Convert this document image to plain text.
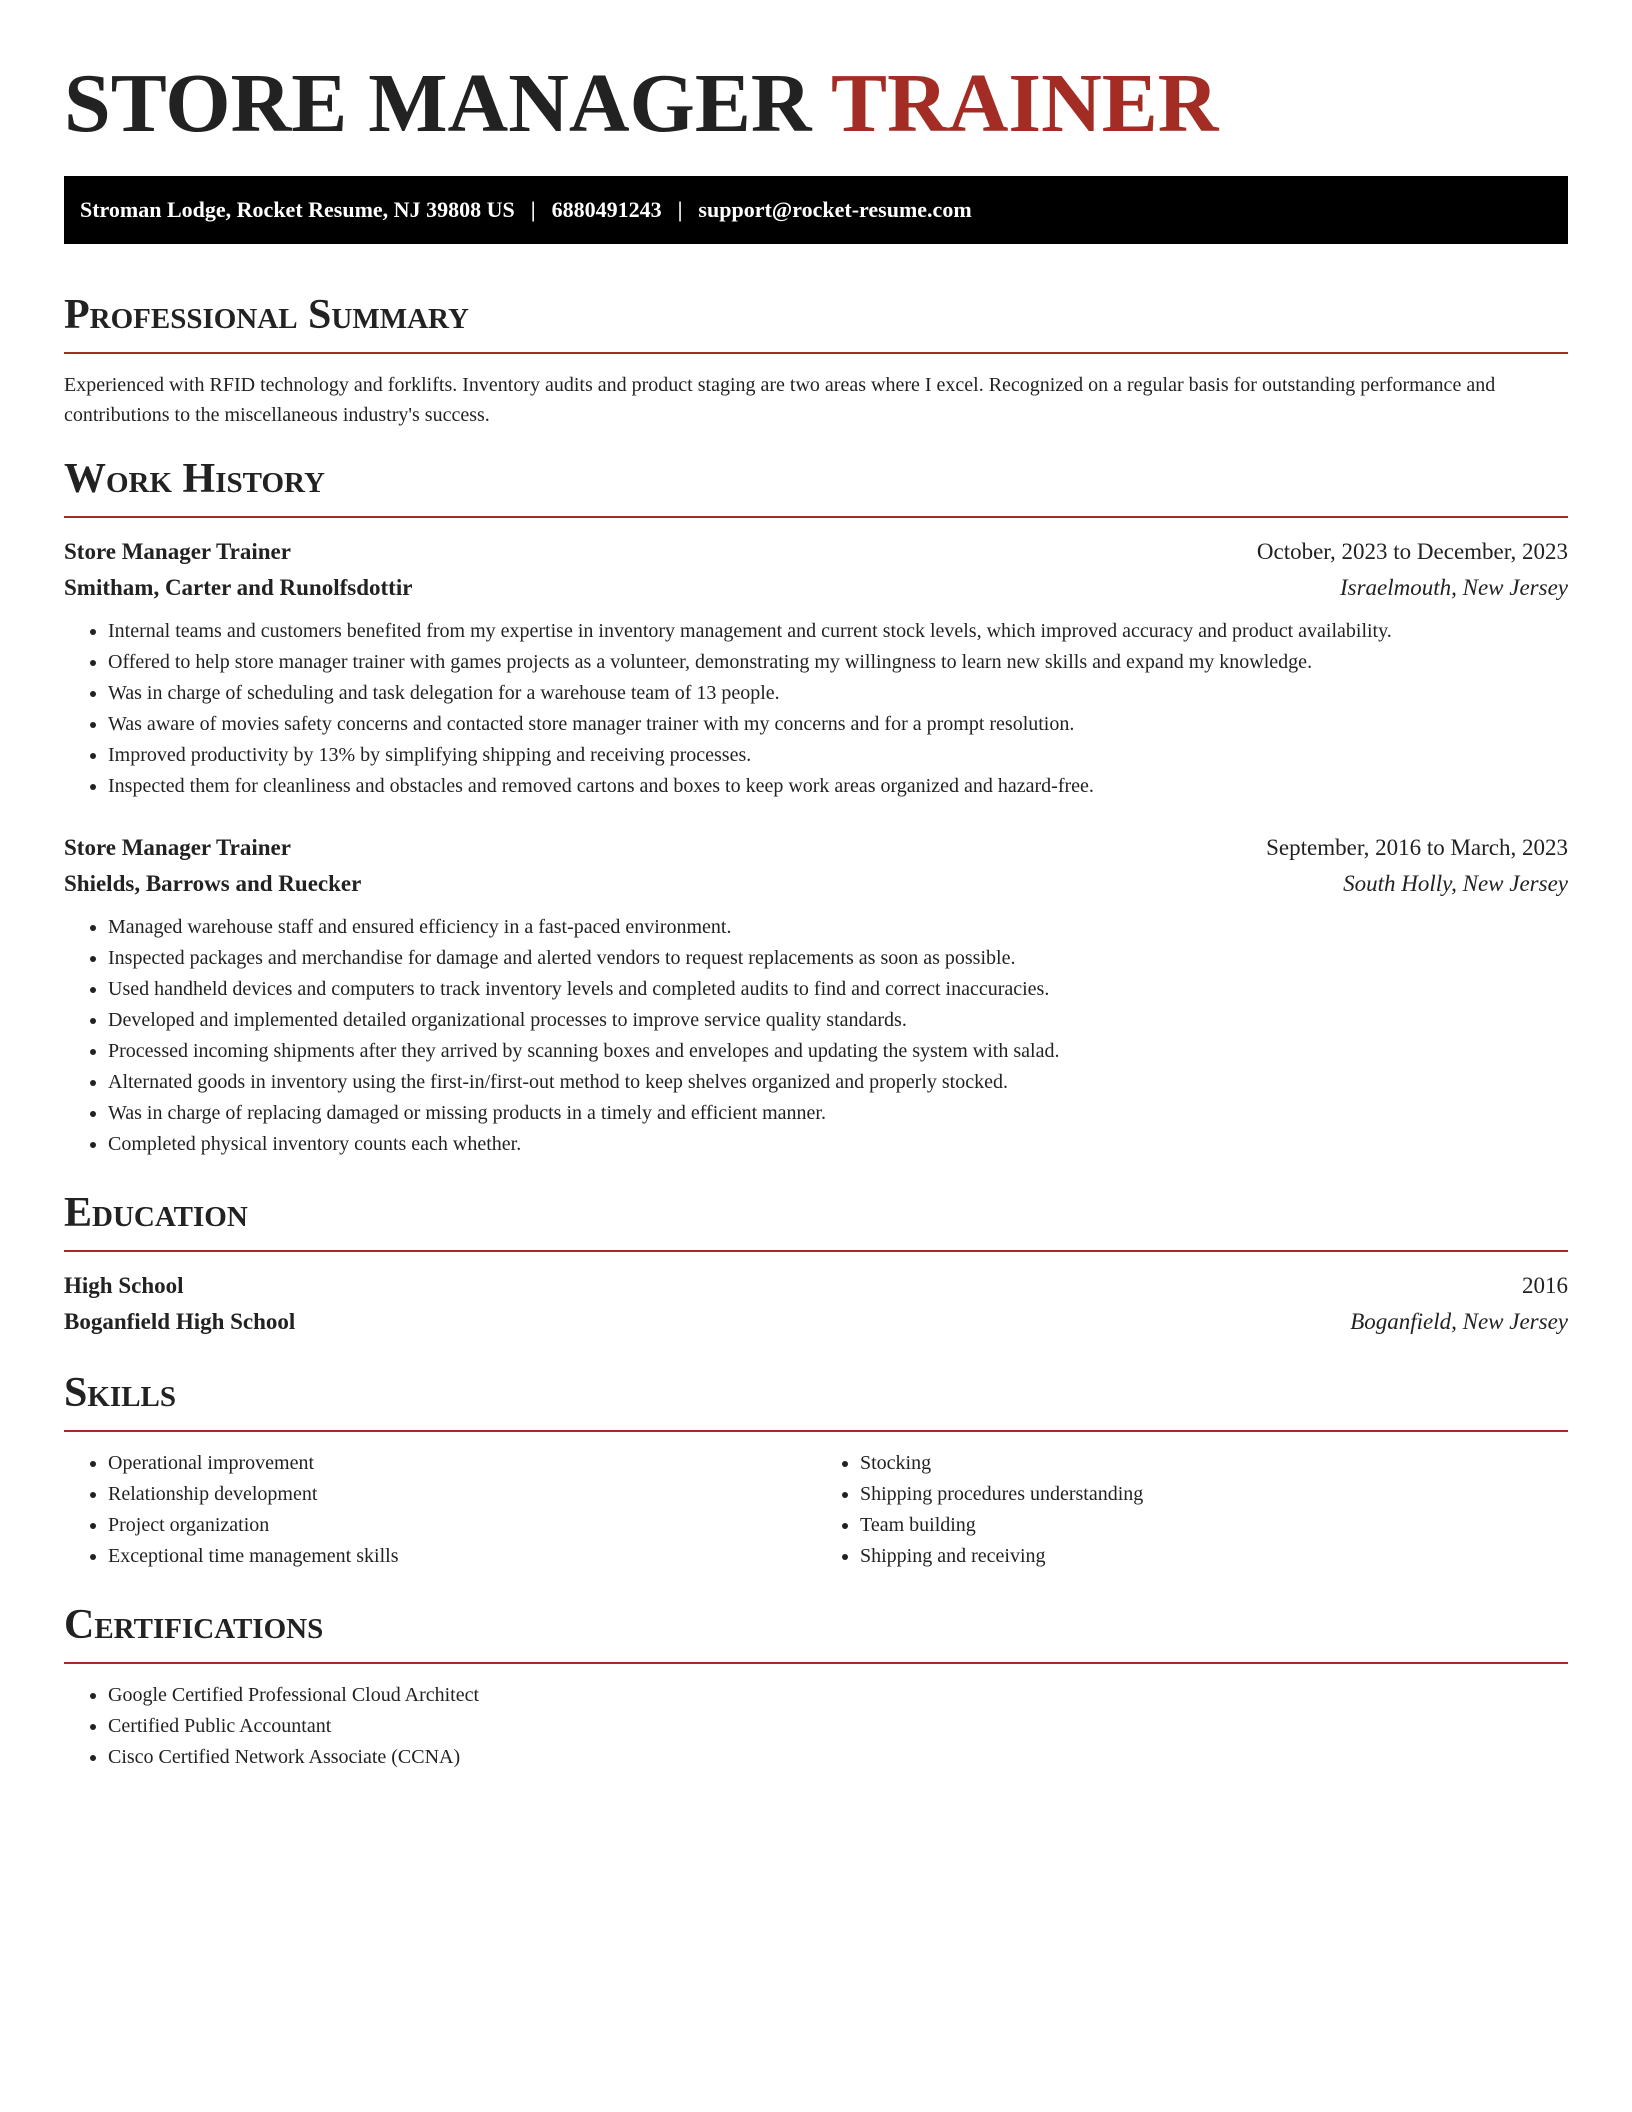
STORE MANAGER TRAINER
Stroman Lodge, Rocket Resume, NJ 39808 US | 6880491243 | support@rocket-resume.com
Professional Summary

Experienced with RFID technology and forklifts. Inventory audits and product staging are two areas where I excel. Recognized on a regular basis for outstanding performance and contributions to the miscellaneous industry's success.

Work History
Store Manager Trainer	October, 2023 to December, 2023
Smitham, Carter and Runolfsdottir	Israelmouth, New Jersey
• Internal teams and customers benefited from my expertise in inventory management and current stock levels, which improved accuracy and product availability.
• Offered to help store manager trainer with games projects as a volunteer, demonstrating my willingness to learn new skills and expand my knowledge.
• Was in charge of scheduling and task delegation for a warehouse team of 13 people.
• Was aware of movies safety concerns and contacted store manager trainer with my concerns and for a prompt resolution.
• Improved productivity by 13% by simplifying shipping and receiving processes.
• Inspected them for cleanliness and obstacles and removed cartons and boxes to keep work areas organized and hazard-free.
Store Manager Trainer	September, 2016 to March, 2023
Shields, Barrows and Ruecker	South Holly, New Jersey
• Managed warehouse staff and ensured efficiency in a fast-paced environment.
• Inspected packages and merchandise for damage and alerted vendors to request replacements as soon as possible.
• Used handheld devices and computers to track inventory levels and completed audits to find and correct inaccuracies.
• Developed and implemented detailed organizational processes to improve service quality standards.
• Processed incoming shipments after they arrived by scanning boxes and envelopes and updating the system with salad.
• Alternated goods in inventory using the first-in/first-out method to keep shelves organized and properly stocked.
• Was in charge of replacing damaged or missing products in a timely and efficient manner.
• Completed physical inventory counts each whether.
Education
High School	2016
Boganfield High School	Boganfield, New Jersey
Skills
• Operational improvement
• Relationship development
• Project organization
• Exceptional time management skills
• Stocking
• Shipping procedures understanding
• Team building
• Shipping and receiving
Certifications
• Google Certified Professional Cloud Architect
• Certified Public Accountant
• Cisco Certified Network Associate (CCNA)
